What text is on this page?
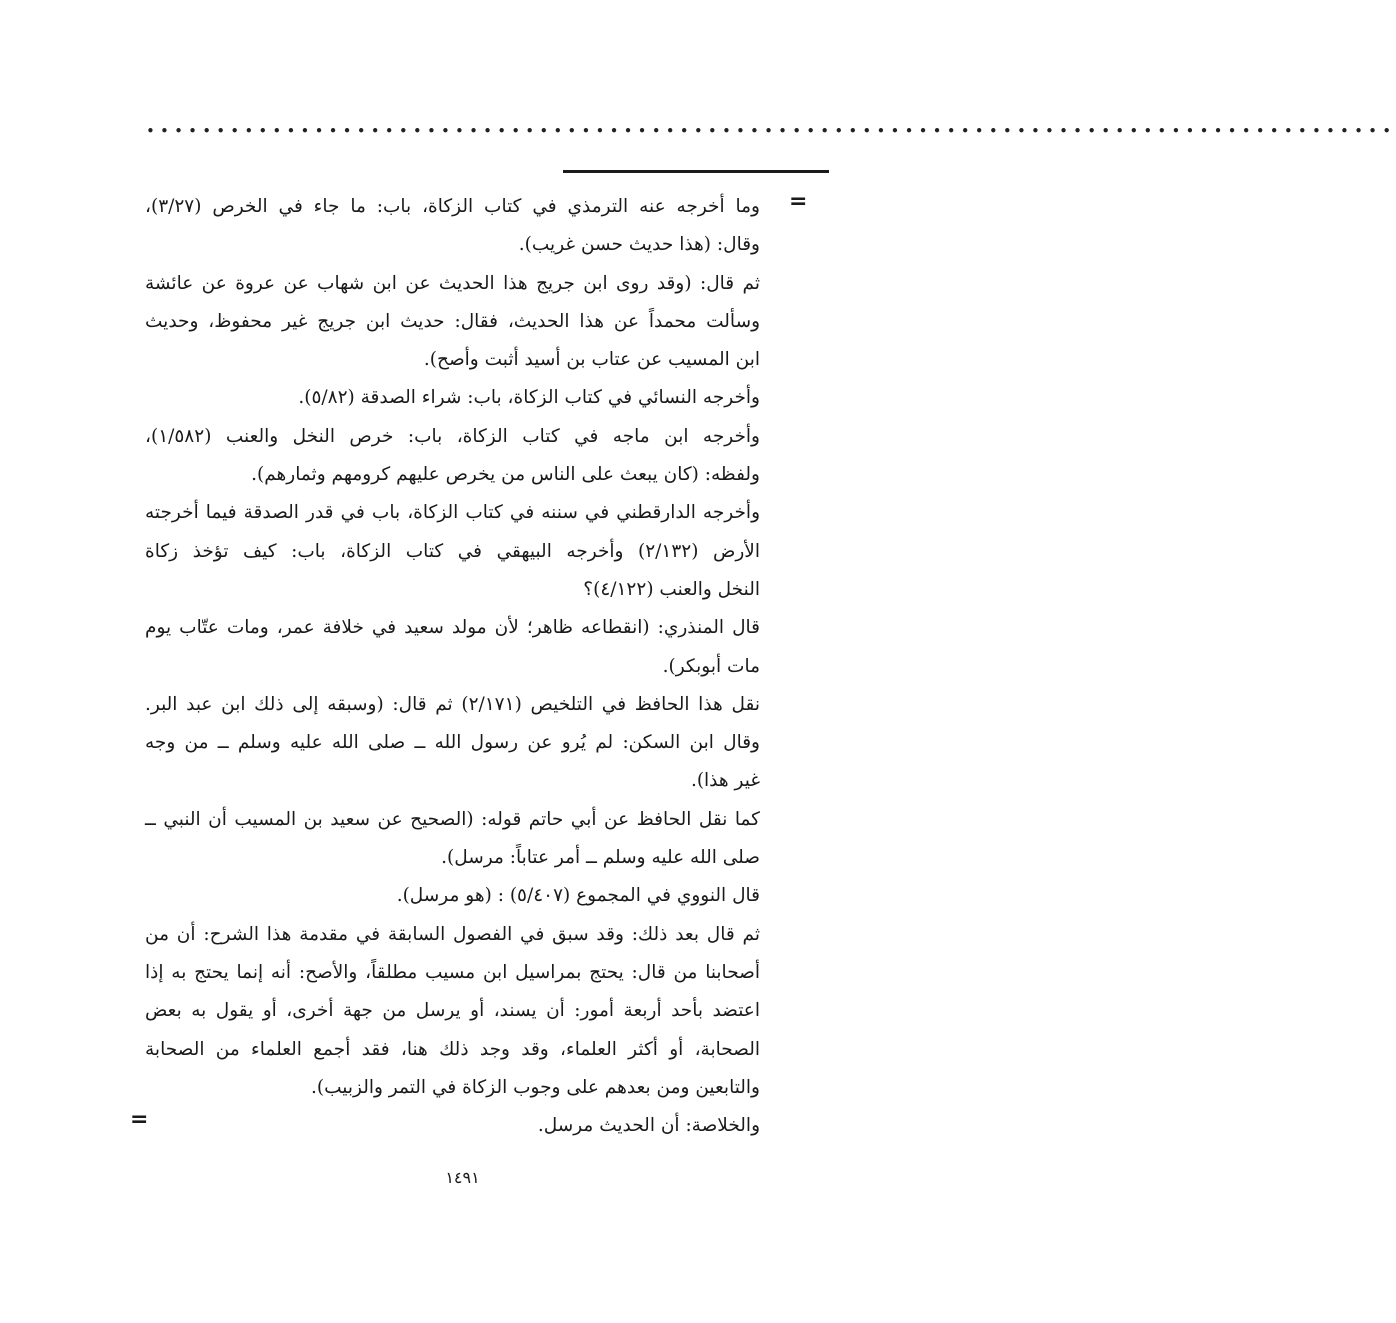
•••••••••••••••••••••••••••••••••••••••••••••••••••••••••••••••••••••••••••••••••••••••••
=
وما أخرجه عنه الترمذي في كتاب الزكاة، باب: ما جاء في الخرص (٣/٢٧)،
وقال: (هذا حديث حسن غريب).
ثم قال: (وقد روى ابن جريج هذا الحديث عن ابن شهاب عن عروة عن عائشة
وسألت محمداً عن هذا الحديث، فقال: حديث ابن جريج غير محفوظ، وحديث
ابن المسيب عن عتاب بن أسيد أثبت وأصح).
وأخرجه النسائي في كتاب الزكاة، باب: شراء الصدقة (٥/٨٢).
وأخرجه ابن ماجه في كتاب الزكاة، باب: خرص النخل والعنب (١/٥٨٢)،
ولفظه: (كان يبعث على الناس من يخرص عليهم كرومهم وثمارهم).
وأخرجه الدارقطني في سننه في كتاب الزكاة، باب في قدر الصدقة فيما أخرجته
الأرض (٢/١٣٢) وأخرجه البيهقي في كتاب الزكاة، باب: كيف تؤخذ زكاة
النخل والعنب (٤/١٢٢)؟
قال المنذري: (انقطاعه ظاهر؛ لأن مولد سعيد في خلافة عمر، ومات عتّاب يوم
مات أبوبكر).
نقل هذا الحافظ في التلخيص (٢/١٧١) ثم قال: (وسبقه إلى ذلك ابن عبد البر.
وقال ابن السكن: لم يُرو عن رسول الله ــ صلى الله عليه وسلم ــ من وجه
غير هذا).
كما نقل الحافظ عن أبي حاتم قوله: (الصحيح عن سعيد بن المسيب أن النبي ــ
صلى الله عليه وسلم ــ أمر عتاباً: مرسل).
قال النووي في المجموع (٥/٤٠٧) : (هو مرسل).
ثم قال بعد ذلك: وقد سبق في الفصول السابقة في مقدمة هذا الشرح: أن من
أصحابنا من قال: يحتج بمراسيل ابن مسيب مطلقاً، والأصح: أنه إنما يحتج به إذا
اعتضد بأحد أربعة أمور: أن يسند، أو يرسل من جهة أخرى، أو يقول به بعض
الصحابة، أو أكثر العلماء، وقد وجد ذلك هنا، فقد أجمع العلماء من الصحابة
والتابعين ومن بعدهم على وجوب الزكاة في التمر والزبيب).
والخلاصة: أن الحديث مرسل.
=
١٤٩١
